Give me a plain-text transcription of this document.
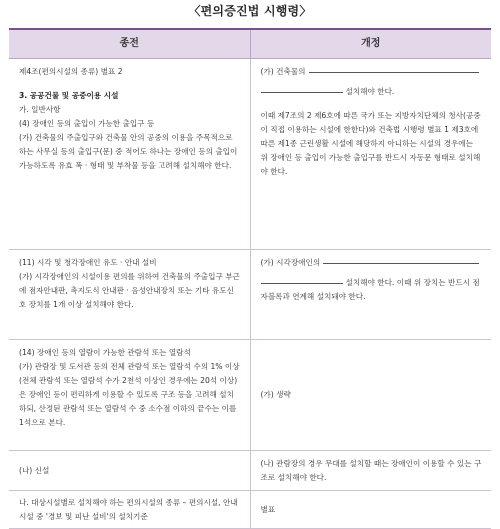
〈편의증진법 시행령〉
종전	개정

제4조(편의시설의 종류) 별표 2

3. 공공건물 및 공중이용 시설

가. 일반사항

(4) 장애인 등의 출입이 가능한 출입구 등

(가) 건축물의 주출입구와 건축물 안의 공중의 이용을 주목적으로 하는 사무실 등의 출입구(문) 중 적어도 하나는 장애인 등의 출입이 가능하도록 유효 폭 · 형태 및 부착물 등을 고려해 설치해야 한다.

(가) 건축물의
설치해야 한다.

이때 제7조의 2 제6호에 따른 국가 또는 지방자치단체의 청사(공중이 직접 이용하는 시설에 한한다)와 건축법 시행령 별표 1 제3호에 따른 제1종 근린생활 시설에 해당하지 아니하는 시설의 경우에는 위 장애인 등 출입이 가능한 출입구를 반드시 자동문 형태로 설치해야 한다.

(11) 시각 및 청각장애인 유도 · 안내 설비

(가) 시각장애인의 시설이용 편의를 위하여 건축물의 주출입구 부근에 점자안내판, 촉지도식 안내판 · 음성안내장치 또는 기타 유도신호 장치를 1개 이상 설치해야 한다.

(가) 시각장애인의

설치해야 한다. 이때 위 장치는 반드시 점자블록과 연계해 설치돼야 한다.

(14) 장애인 등의 열람이 가능한 관람석 또는 열람석

(가) 관람장 및 도서관 등의 전체 관람석 또는 열람석 수의 1% 이상(전체 관람석 또는 열람석 수가 2천석 이상인 경우에는 20석 이상)은 장애인 등이 편리하게 이용할 수 있도록 구조 등을 고려해 설치하되, 산정된 관람석 또는 열람석 수 중 소수점 이하의 끝수는 이를 1석으로 본다.

(가) 생략

(나) 신설

(나) 관람장의 경우 무대를 설치할 때는 장애인이 이용할 수 있는 구조로 설치해야 한다.

나. 대상시설별로 설치해야 하는 편의시설의 종류 – 편의시설, 안내시설 중 '경보 및 피난 설비'의 설치기준

별표
